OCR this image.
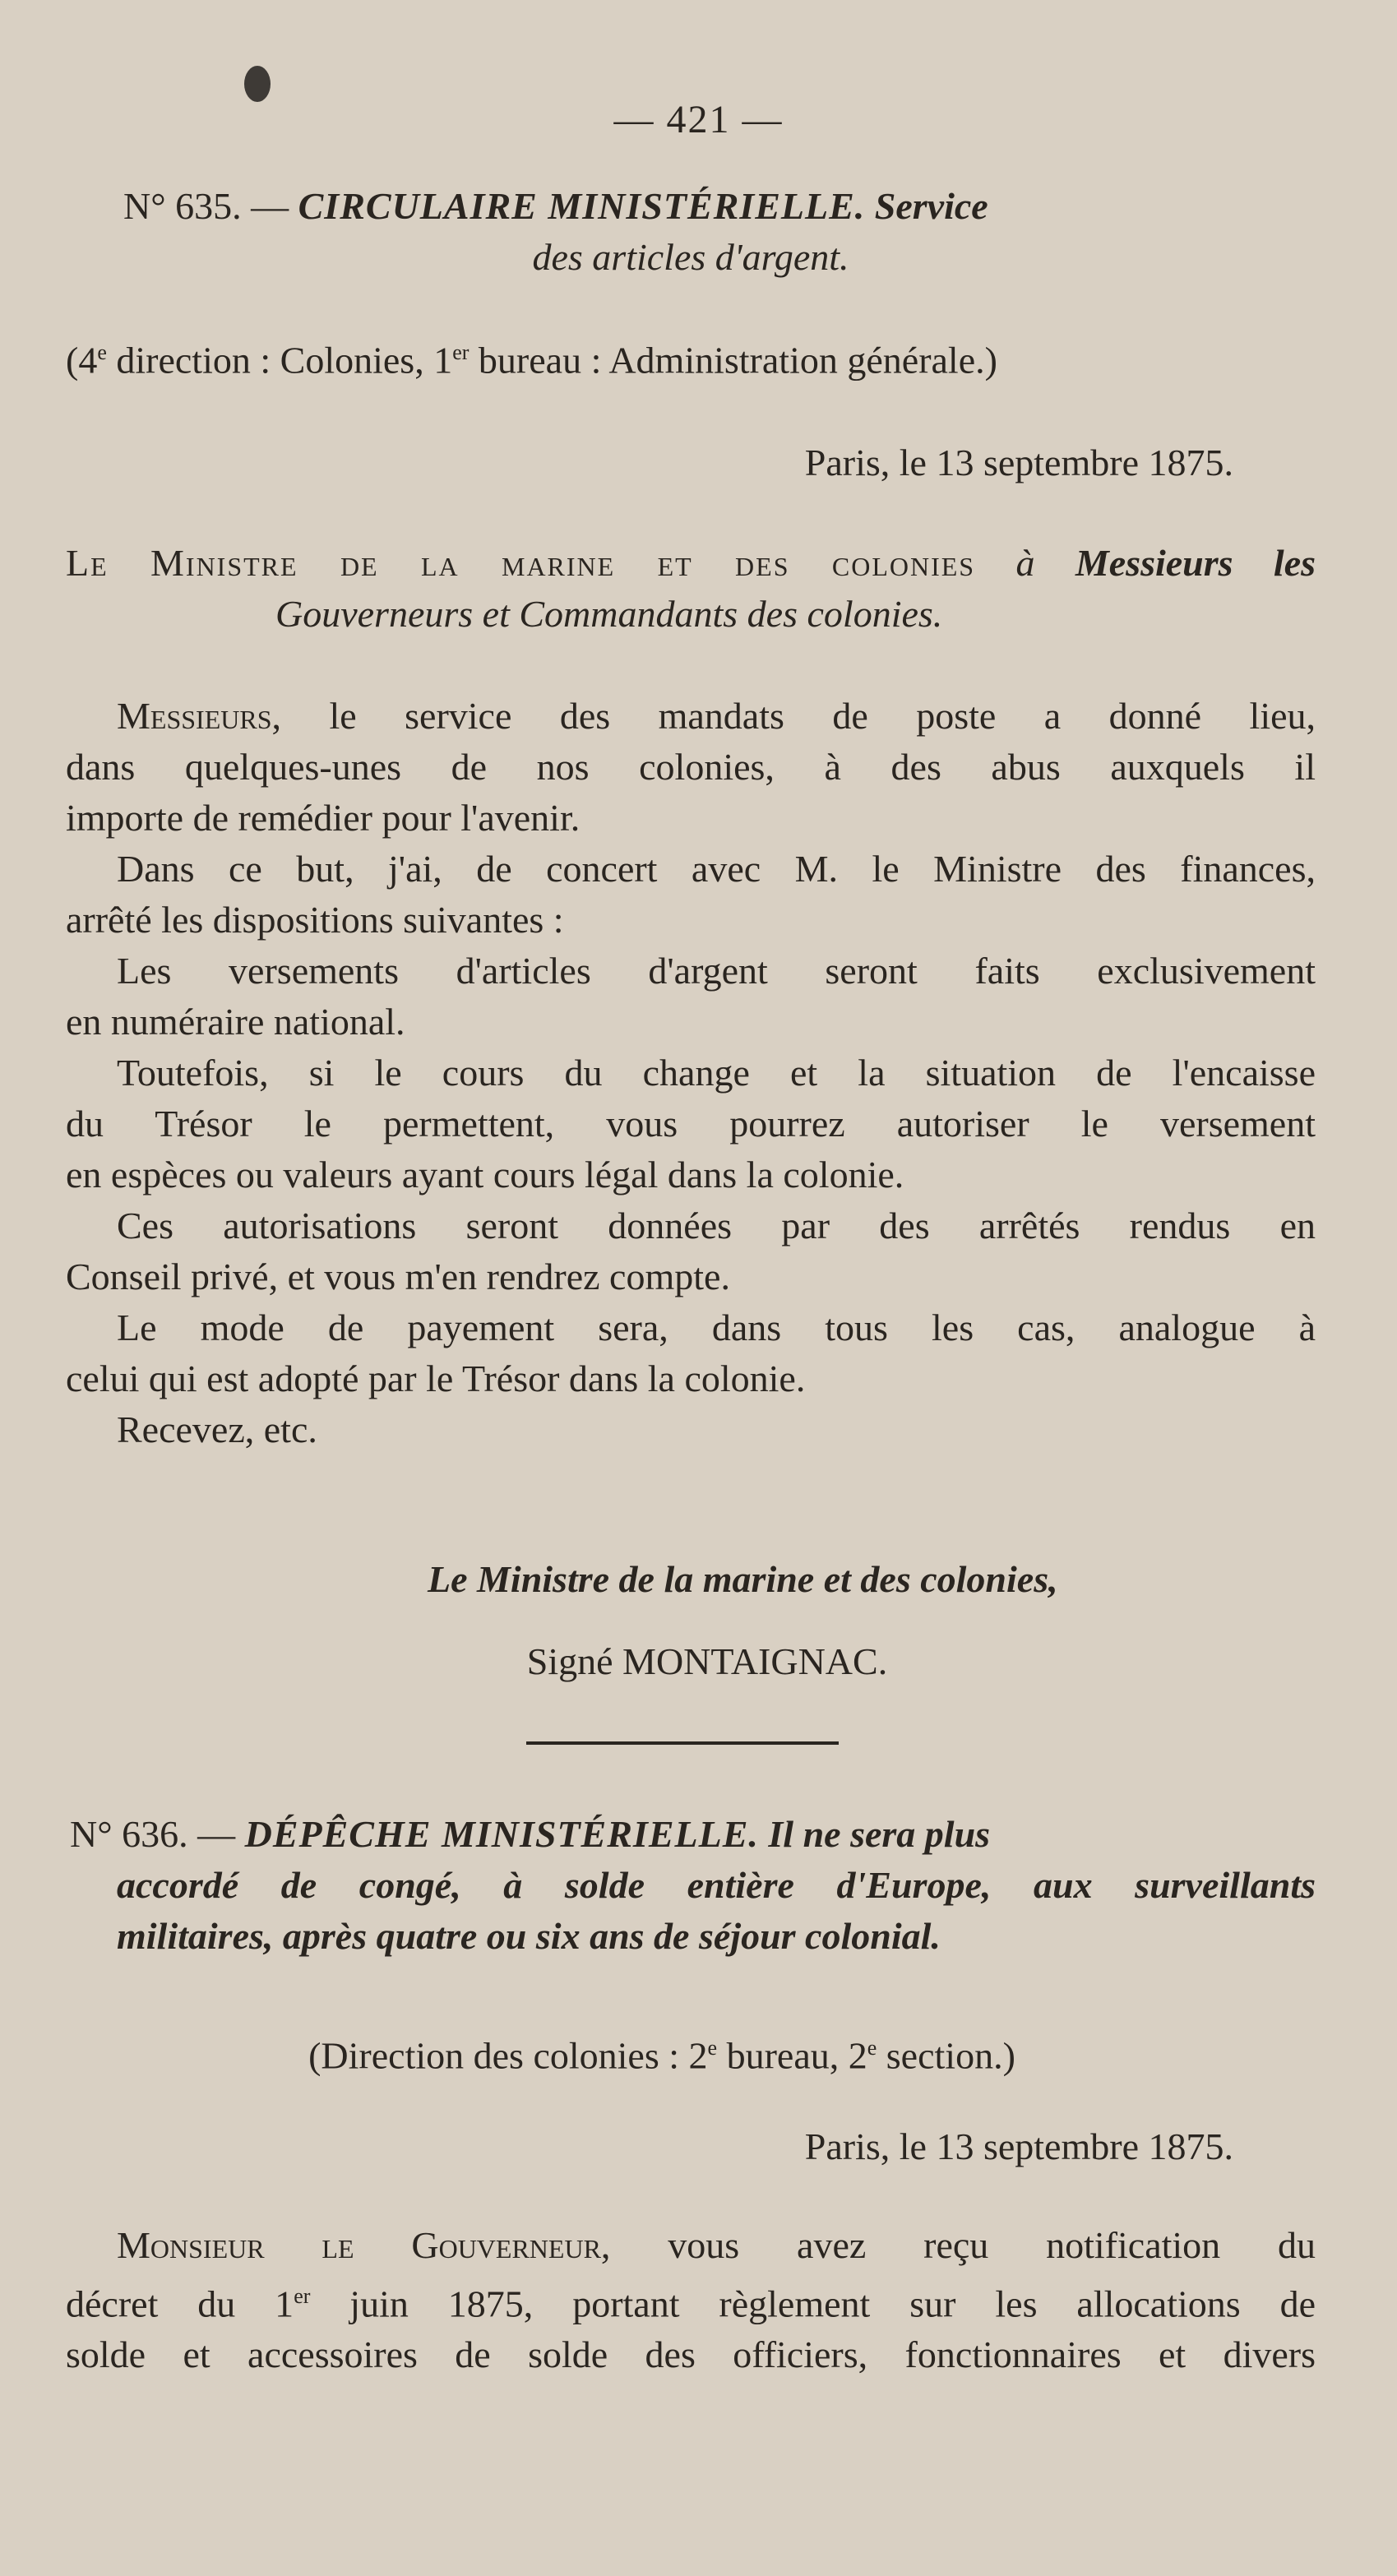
— 421 —
N° 635. — CIRCULAIRE MINISTÉRIELLE. Service
des articles d'argent.
(4e direction : Colonies, 1er bureau : Administration générale.)
Paris, le 13 septembre 1875.
Le Ministre de la marine et des colonies à Messieurs les
Gouverneurs et Commandants des colonies.
Messieurs, le service des mandats de poste a donné lieu,
dans quelques-unes de nos colonies, à des abus auxquels il
importe de remédier pour l'avenir.
Dans ce but, j'ai, de concert avec M. le Ministre des finances,
arrêté les dispositions suivantes :
Les versements d'articles d'argent seront faits exclusivement
en numéraire national.
Toutefois, si le cours du change et la situation de l'encaisse
du Trésor le permettent, vous pourrez autoriser le versement
en espèces ou valeurs ayant cours légal dans la colonie.
Ces autorisations seront données par des arrêtés rendus en
Conseil privé, et vous m'en rendrez compte.
Le mode de payement sera, dans tous les cas, analogue à
celui qui est adopté par le Trésor dans la colonie.
Recevez, etc.
Le Ministre de la marine et des colonies,
Signé MONTAIGNAC.
N° 636. — DÉPÊCHE MINISTÉRIELLE. Il ne sera plus
accordé de congé, à solde entière d'Europe, aux surveillants
militaires, après quatre ou six ans de séjour colonial.
(Direction des colonies : 2e bureau, 2e section.)
Paris, le 13 septembre 1875.
Monsieur le Gouverneur, vous avez reçu notification du
décret du 1er juin 1875, portant règlement sur les allocations de
solde et accessoires de solde des officiers, fonctionnaires et divers
